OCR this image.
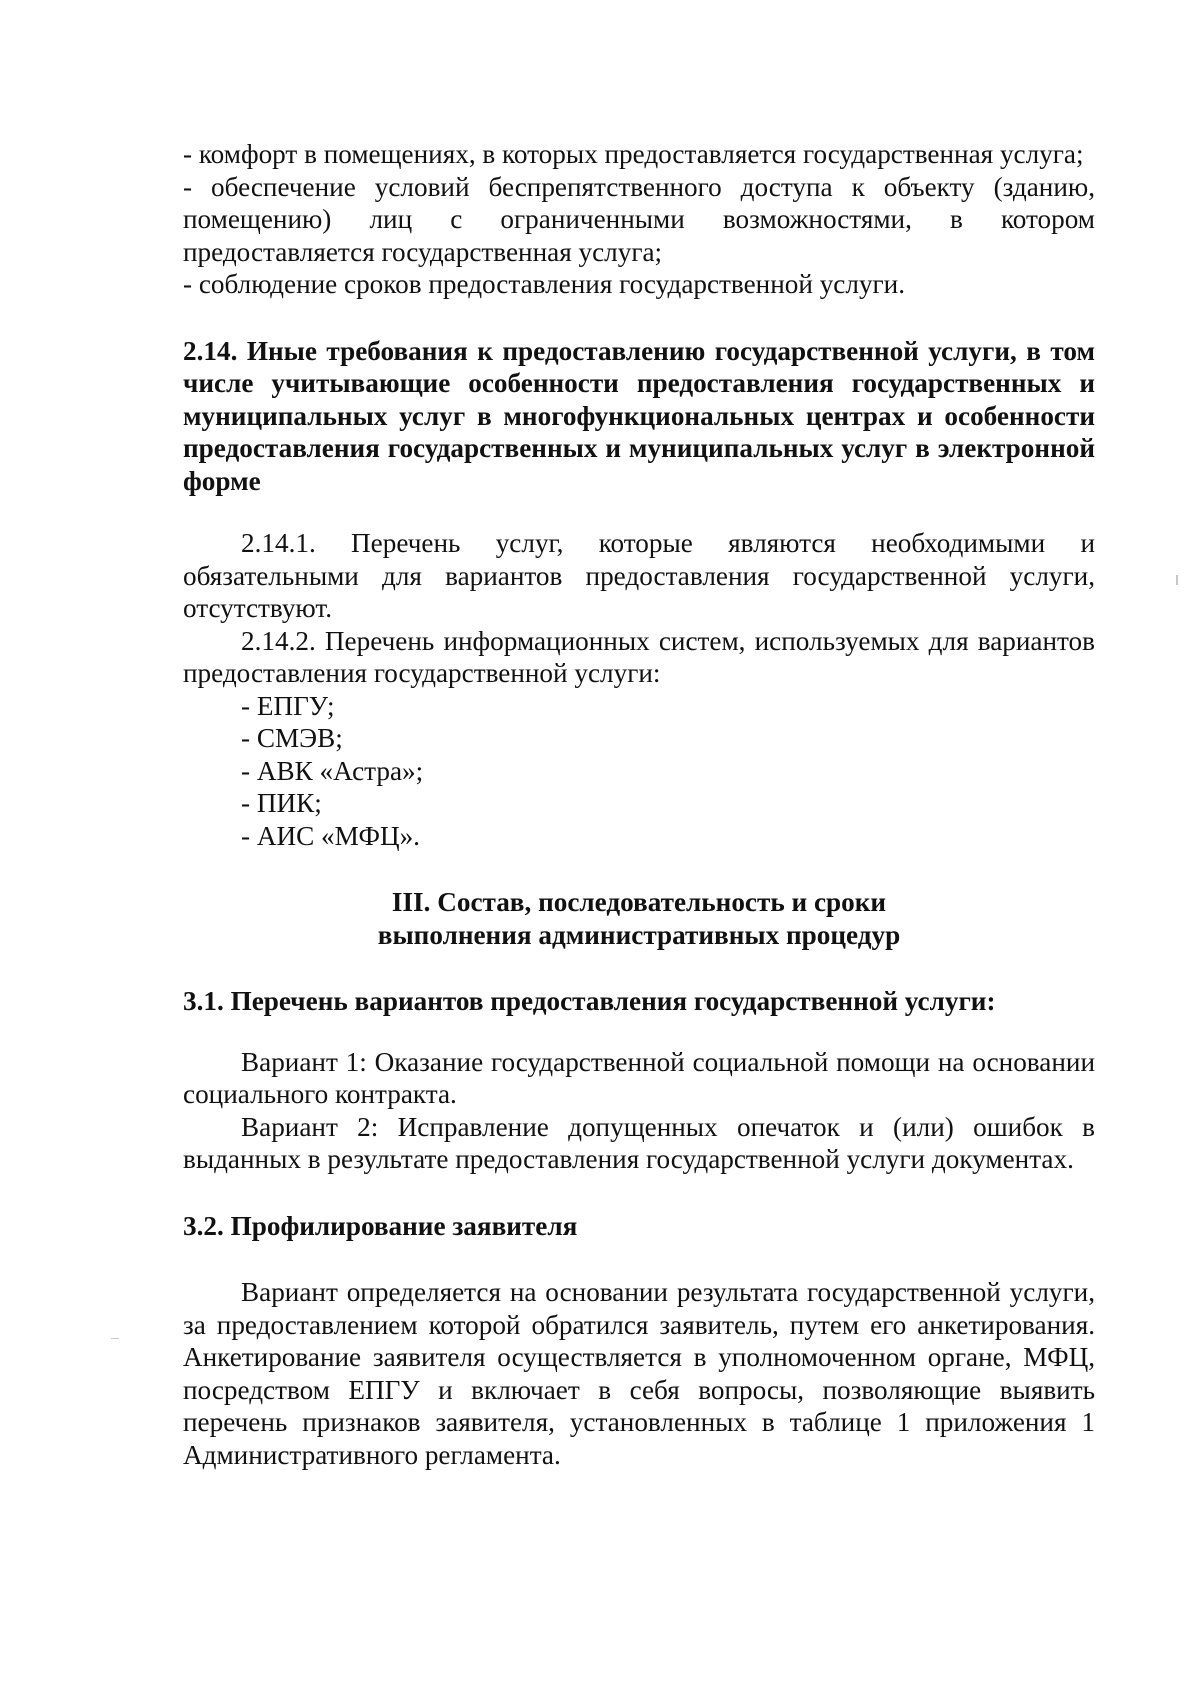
- комфорт в помещениях, в которых предоставляется государственная услуга;

- обеспечение условий беспрепятственного доступа к объекту (зданию, помещению) лиц с ограниченными возможностями, в котором предоставляется государственная услуга;

- соблюдение сроков предоставления государственной услуги.

2.14. Иные требования к предоставлению государственной услуги, в том числе учитывающие особенности предоставления государственных и муниципальных услуг в многофункциональных центрах и особенности предоставления государственных и муниципальных услуг в электронной форме

2.14.1. Перечень услуг, которые являются необходимыми и обязательными для вариантов предоставления государственной услуги, отсутствуют.

2.14.2. Перечень информационных систем, используемых для вариантов предоставления государственной услуги:

- ЕПГУ;

- СМЭВ;

- АВК «Астра»;

- ПИК;

- АИС «МФЦ».

III. Состав, последовательность и сроки

выполнения административных процедур

3.1. Перечень вариантов предоставления государственной услуги:

Вариант 1: Оказание государственной социальной помощи на основании социального контракта.

Вариант 2: Исправление допущенных опечаток и (или) ошибок в выданных в результате предоставления государственной услуги документах.

3.2. Профилирование заявителя

Вариант определяется на основании результата государственной услуги, за предоставлением которой обратился заявитель, путем его анкетирования. Анкетирование заявителя осуществляется в уполномоченном органе, МФЦ, посредством ЕПГУ и включает в себя вопросы, позволяющие выявить перечень признаков заявителя, установленных в таблице 1 приложения 1 Административного регламента.
